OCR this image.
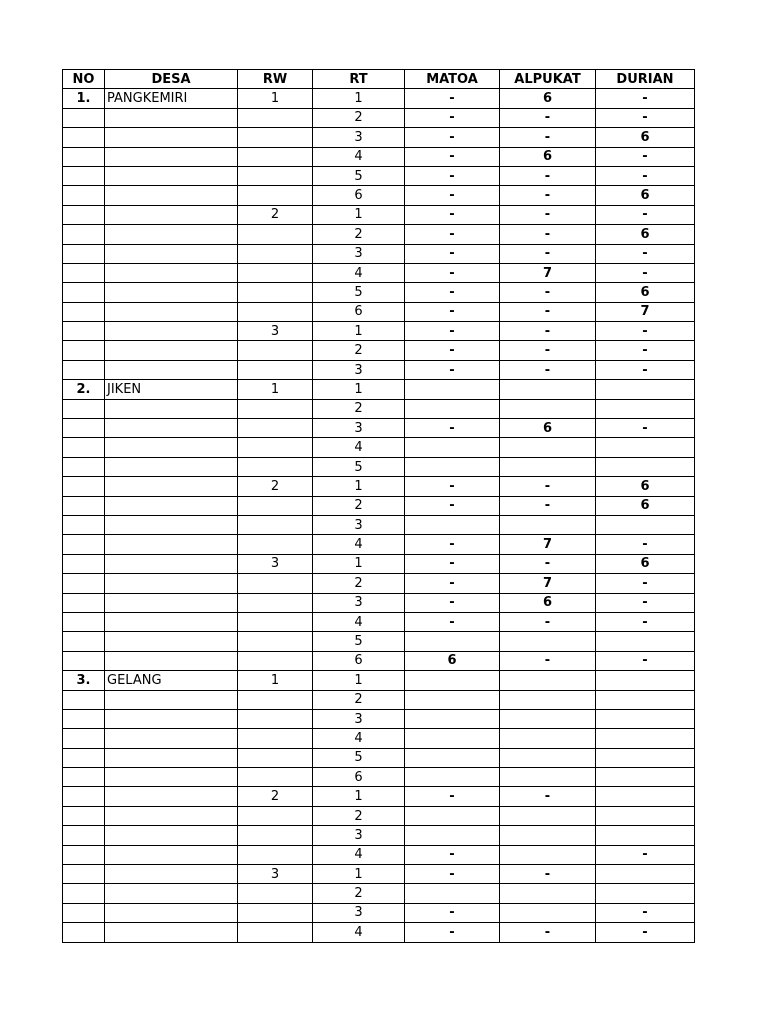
NO	DESA	RW	RT	MATOA	ALPUKAT	DURIAN
1.	PANGKEMIRI	1	1	-	6	-
			2	-	-	-
			3	-	-	6
			4	-	6	-
			5	-	-	-
			6	-	-	6
		2	1	-	-	-
			2	-	-	6
			3	-	-	-
			4	-	7	-
			5	-	-	6
			6	-	-	7
		3	1	-	-	-
			2	-	-	-
			3	-	-	-
2.	JIKEN	1	1			
			2			
			3	-	6	-
			4			
			5			
		2	1	-	-	6
			2	-	-	6
			3			
			4	-	7	-
		3	1	-	-	6
			2	-	7	-
			3	-	6	-
			4	-	-	-
			5			
			6	6	-	-
3.	GELANG	1	1			
			2			
			3			
			4			
			5			
			6			
		2	1	-	-	
			2			
			3			
			4	-		-
		3	1	-	-	
			2			
			3	-		-
			4	-	-	-
